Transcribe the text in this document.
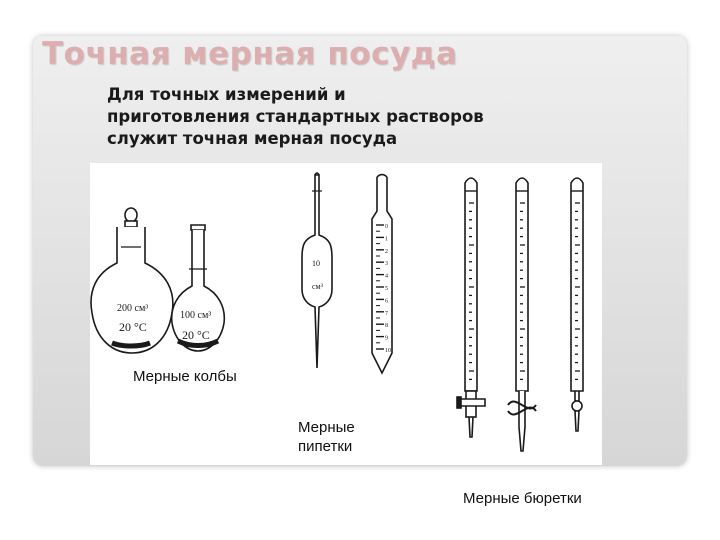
Точная мерная посуда

Для точных измерений и
приготовления стандартных растворов
служит точная мерная посуда

200 см³
20 °С
100 см³
20 °С
10
см³
0
1
2
3
4
5
6
7
8
9
10
Мерные колбы
Мерные
пипетки
Мерные бюретки
